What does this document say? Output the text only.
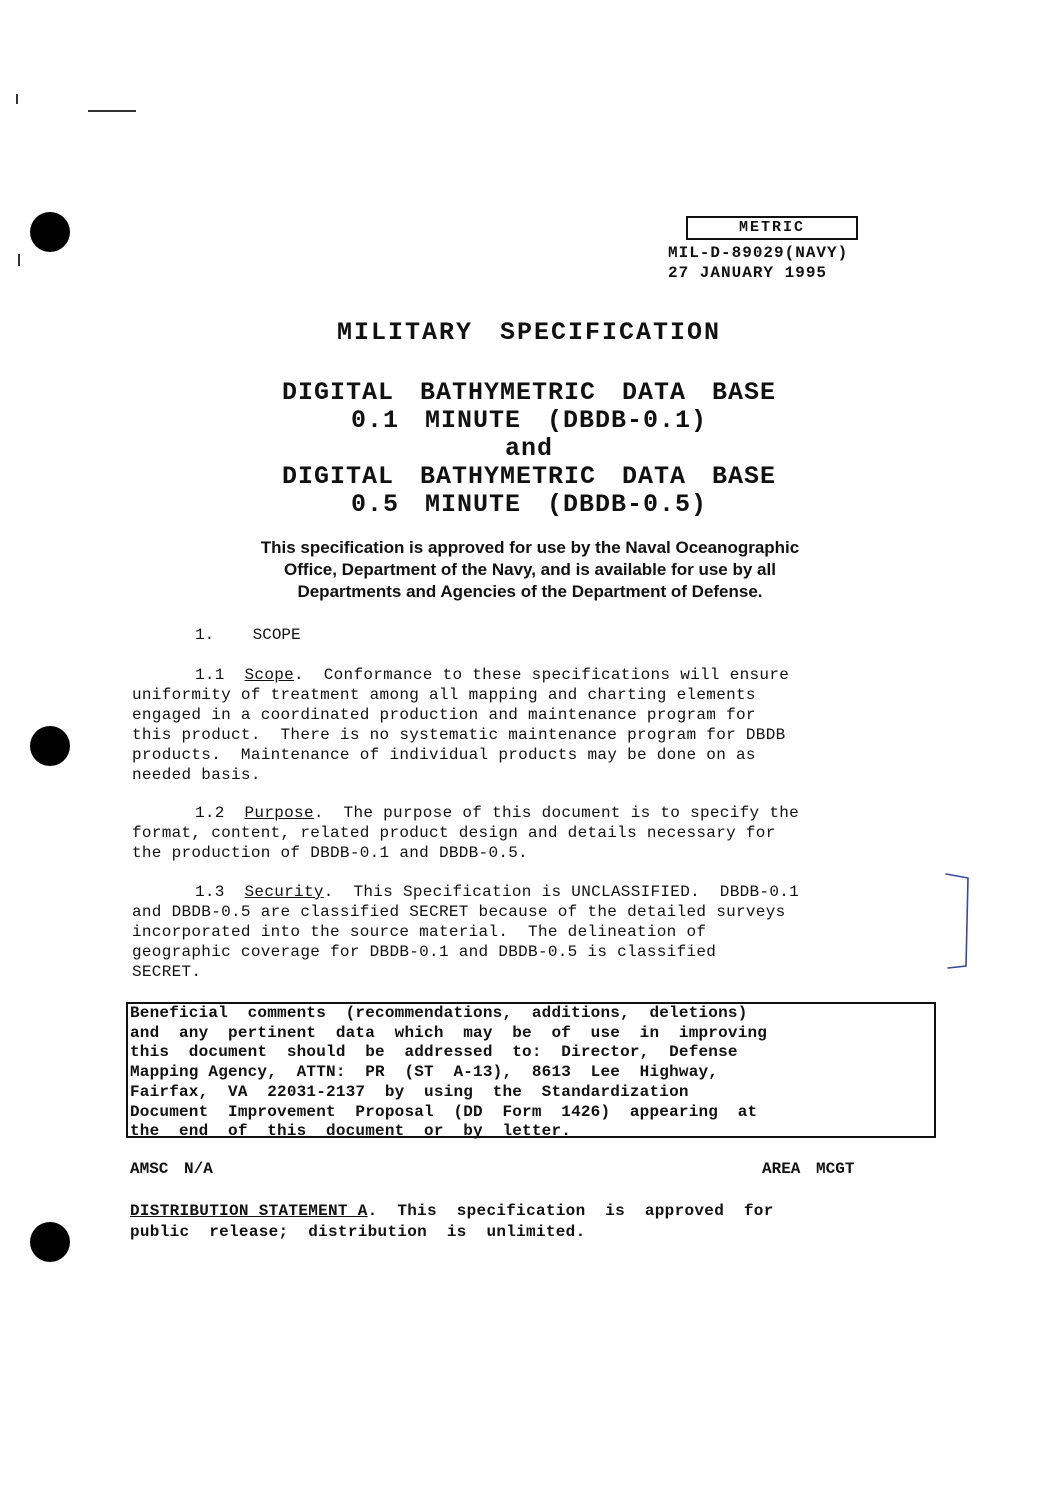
METRIC
MIL-D-89029(NAVY)
27 JANUARY 1995
MILITARY SPECIFICATION
DIGITAL BATHYMETRIC DATA BASE
0.1 MINUTE (DBDB-0.1)
and
DIGITAL BATHYMETRIC DATA BASE
0.5 MINUTE (DBDB-0.5)
This specification is approved for use by the Naval Oceanographic
Office, Department of the Navy, and is available for use by all
Departments and Agencies of the Department of Defense.
1. SCOPE
1.1 Scope.  Conformance to these specifications will ensure
uniformity of treatment among all mapping and charting elements
engaged in a coordinated production and maintenance program for
this product.  There is no systematic maintenance program for DBDB
products.  Maintenance of individual products may be done on as
needed basis.
1.2 Purpose.  The purpose of this document is to specify the
format, content, related product design and details necessary for
the production of DBDB-0.1 and DBDB-0.5.
1.3 Security.  This Specification is UNCLASSIFIED.  DBDB-0.1
and DBDB-0.5 are classified SECRET because of the detailed surveys
incorporated into the source material.  The delineation of
geographic coverage for DBDB-0.1 and DBDB-0.5 is classified
SECRET.
Beneficial  comments  (recommendations,  additions,  deletions)
and  any  pertinent  data  which  may  be  of  use  in  improving
this  document  should  be  addressed  to:  Director,  Defense
Mapping Agency,  ATTN:  PR  (ST  A-13),  8613  Lee  Highway,
Fairfax,  VA  22031-2137  by  using  the  Standardization
Document  Improvement  Proposal  (DD  Form  1426)  appearing  at
the  end  of  this  document  or  by  letter.
AMSC N/A	AREA MCGT
DISTRIBUTION STATEMENT A.  This  specification  is  approved  for
public  release;  distribution  is  unlimited.
